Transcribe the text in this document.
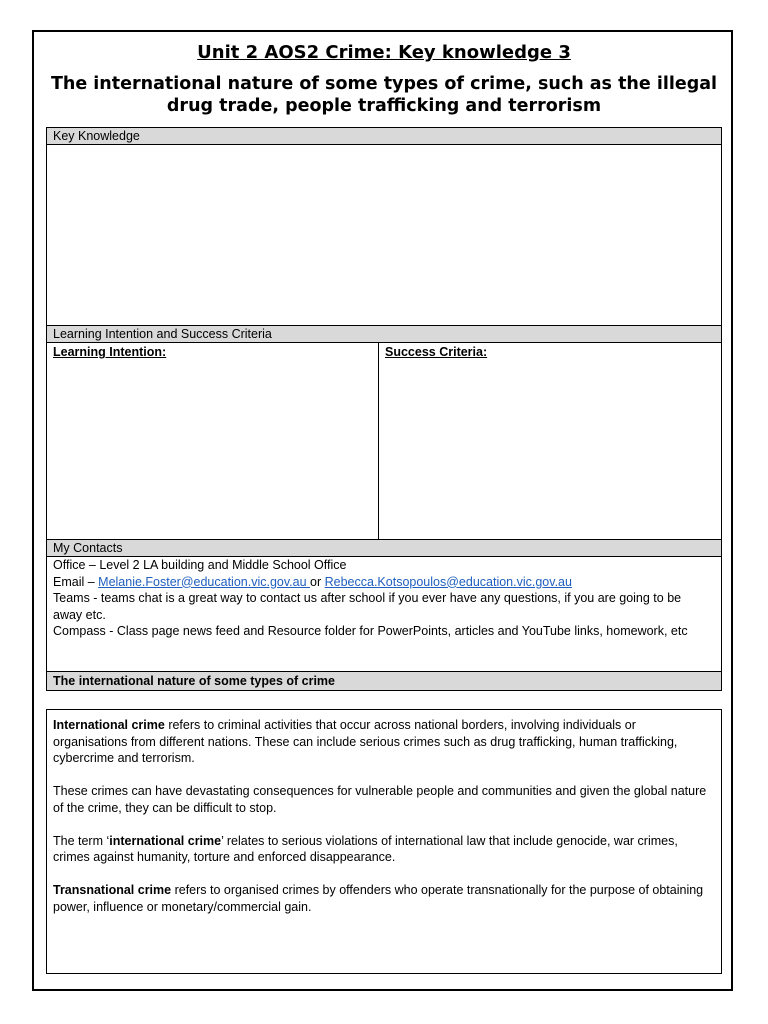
Unit 2 AOS2 Crime: Key knowledge 3
The international nature of some types of crime, such as the illegal drug trade, people trafficking and terrorism
Key Knowledge
Learning Intention and Success Criteria
Learning Intention:	Success Criteria:
My Contacts

Office – Level 2 LA building and Middle School Office

Email – Melanie.Foster@education.vic.gov.au or Rebecca.Kotsopoulos@education.vic.gov.au

Teams - teams chat is a great way to contact us after school if you ever have any questions, if you are going to be away etc.

Compass - Class page news feed and Resource folder for PowerPoints, articles and YouTube links, homework, etc

The international nature of some types of crime

International crime refers to criminal activities that occur across national borders, involving individuals or organisations from different nations. These can include serious crimes such as drug trafficking, human trafficking, cybercrime and terrorism.

These crimes can have devastating consequences for vulnerable people and communities and given the global nature of the crime, they can be difficult to stop.

The term ‘international crime’ relates to serious violations of international law that include genocide, war crimes, crimes against humanity, torture and enforced disappearance.

Transnational crime refers to organised crimes by offenders who operate transnationally for the purpose of obtaining power, influence or monetary/commercial gain.
